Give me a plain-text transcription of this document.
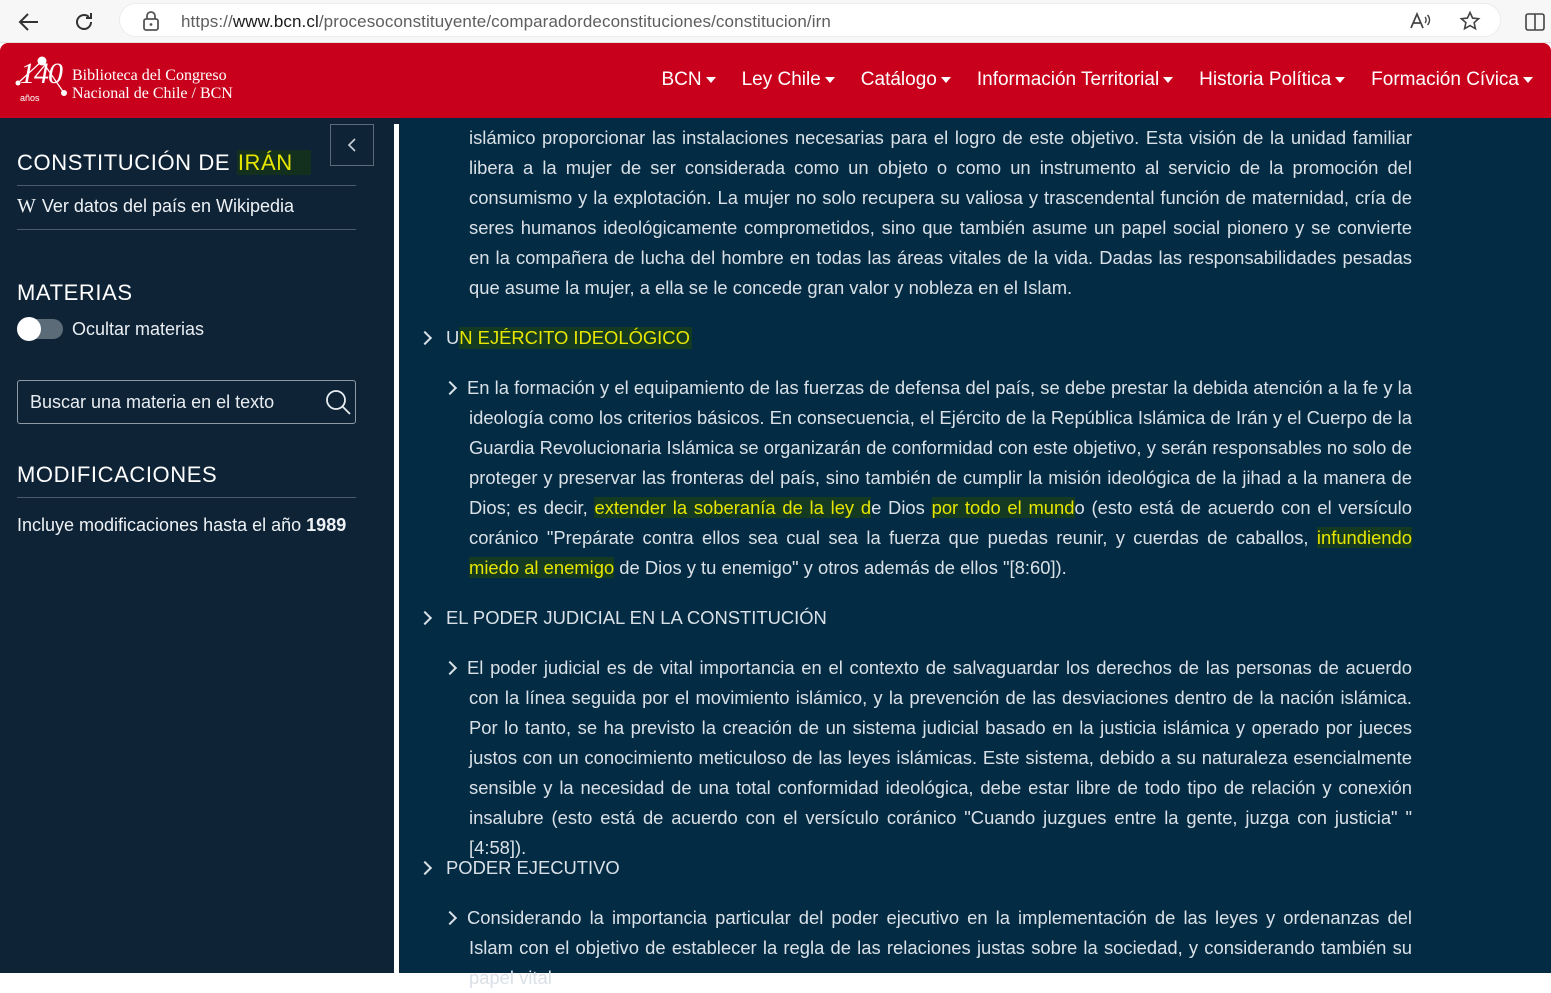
https://www.bcn.cl/procesoconstituyente/comparadordeconstituciones/constitucion/irn
140
años
Biblioteca del Congreso
Nacional de Chile / BCN
BCN Ley Chile Catálogo Información Territorial Historia Política Formación Cívica
CONSTITUCIÓN DE IRÁN
W Ver datos del país en Wikipedia
MATERIAS
Ocultar materias
Buscar una materia en el texto
MODIFICACIONES
Incluye modificaciones hasta el año 1989
islámico proporcionar las instalaciones necesarias para el logro de este objetivo. Esta visión de la unidad familiar libera a la mujer de ser considerada como un objeto o como un instrumento al servicio de la promoción del consumismo y la explotación. La mujer no solo recupera su valiosa y trascendental función de maternidad, cría de seres humanos ideológicamente comprometidos, sino que también asume un papel social pionero y se convierte en la compañera de lucha del hombre en todas las áreas vitales de la vida. Dadas las responsabilidades pesadas que asume la mujer, a ella se le concede gran valor y nobleza en el Islam.
U N EJÉRCITO IDEOLÓGICO
En la formación y el equipamiento de las fuerzas de defensa del país, se debe prestar la debida atención a la fe y la ideología como los criterios básicos. En consecuencia, el Ejército de la República Islámica de Irán y el Cuerpo de la Guardia Revolucionaria Islámica se organizarán de conformidad con este objetivo, y serán responsables no solo de proteger y preservar las fronteras del país, sino también de cumplir la misión ideológica de la jihad a la manera de Dios; es decir, extender la soberanía de la ley de Dios por todo el mundo (esto está de acuerdo con el versículo coránico "Prepárate contra ellos sea cual sea la fuerza que puedas reunir, y cuerdas de caballos, infundiendo miedo al enemigo de Dios y tu enemigo" y otros además de ellos "[8:60]).
EL PODER JUDICIAL EN LA CONSTITUCIÓN
El poder judicial es de vital importancia en el contexto de salvaguardar los derechos de las personas de acuerdo con la línea seguida por el movimiento islámico, y la prevención de las desviaciones dentro de la nación islámica. Por lo tanto, se ha previsto la creación de un sistema judicial basado en la justicia islámica y operado por jueces justos con un conocimiento meticuloso de las leyes islámicas. Este sistema, debido a su naturaleza esencialmente sensible y la necesidad de una total conformidad ideológica, debe estar libre de todo tipo de relación y conexión insalubre (esto está de acuerdo con el versículo coránico "Cuando juzgues entre la gente, juzga con justicia" "[4:58]).
PODER EJECUTIVO
Considerando la importancia particular del poder ejecutivo en la implementación de las leyes y ordenanzas del Islam con el objetivo de establecer la regla de las relaciones justas sobre la sociedad, y considerando también su papel vital
